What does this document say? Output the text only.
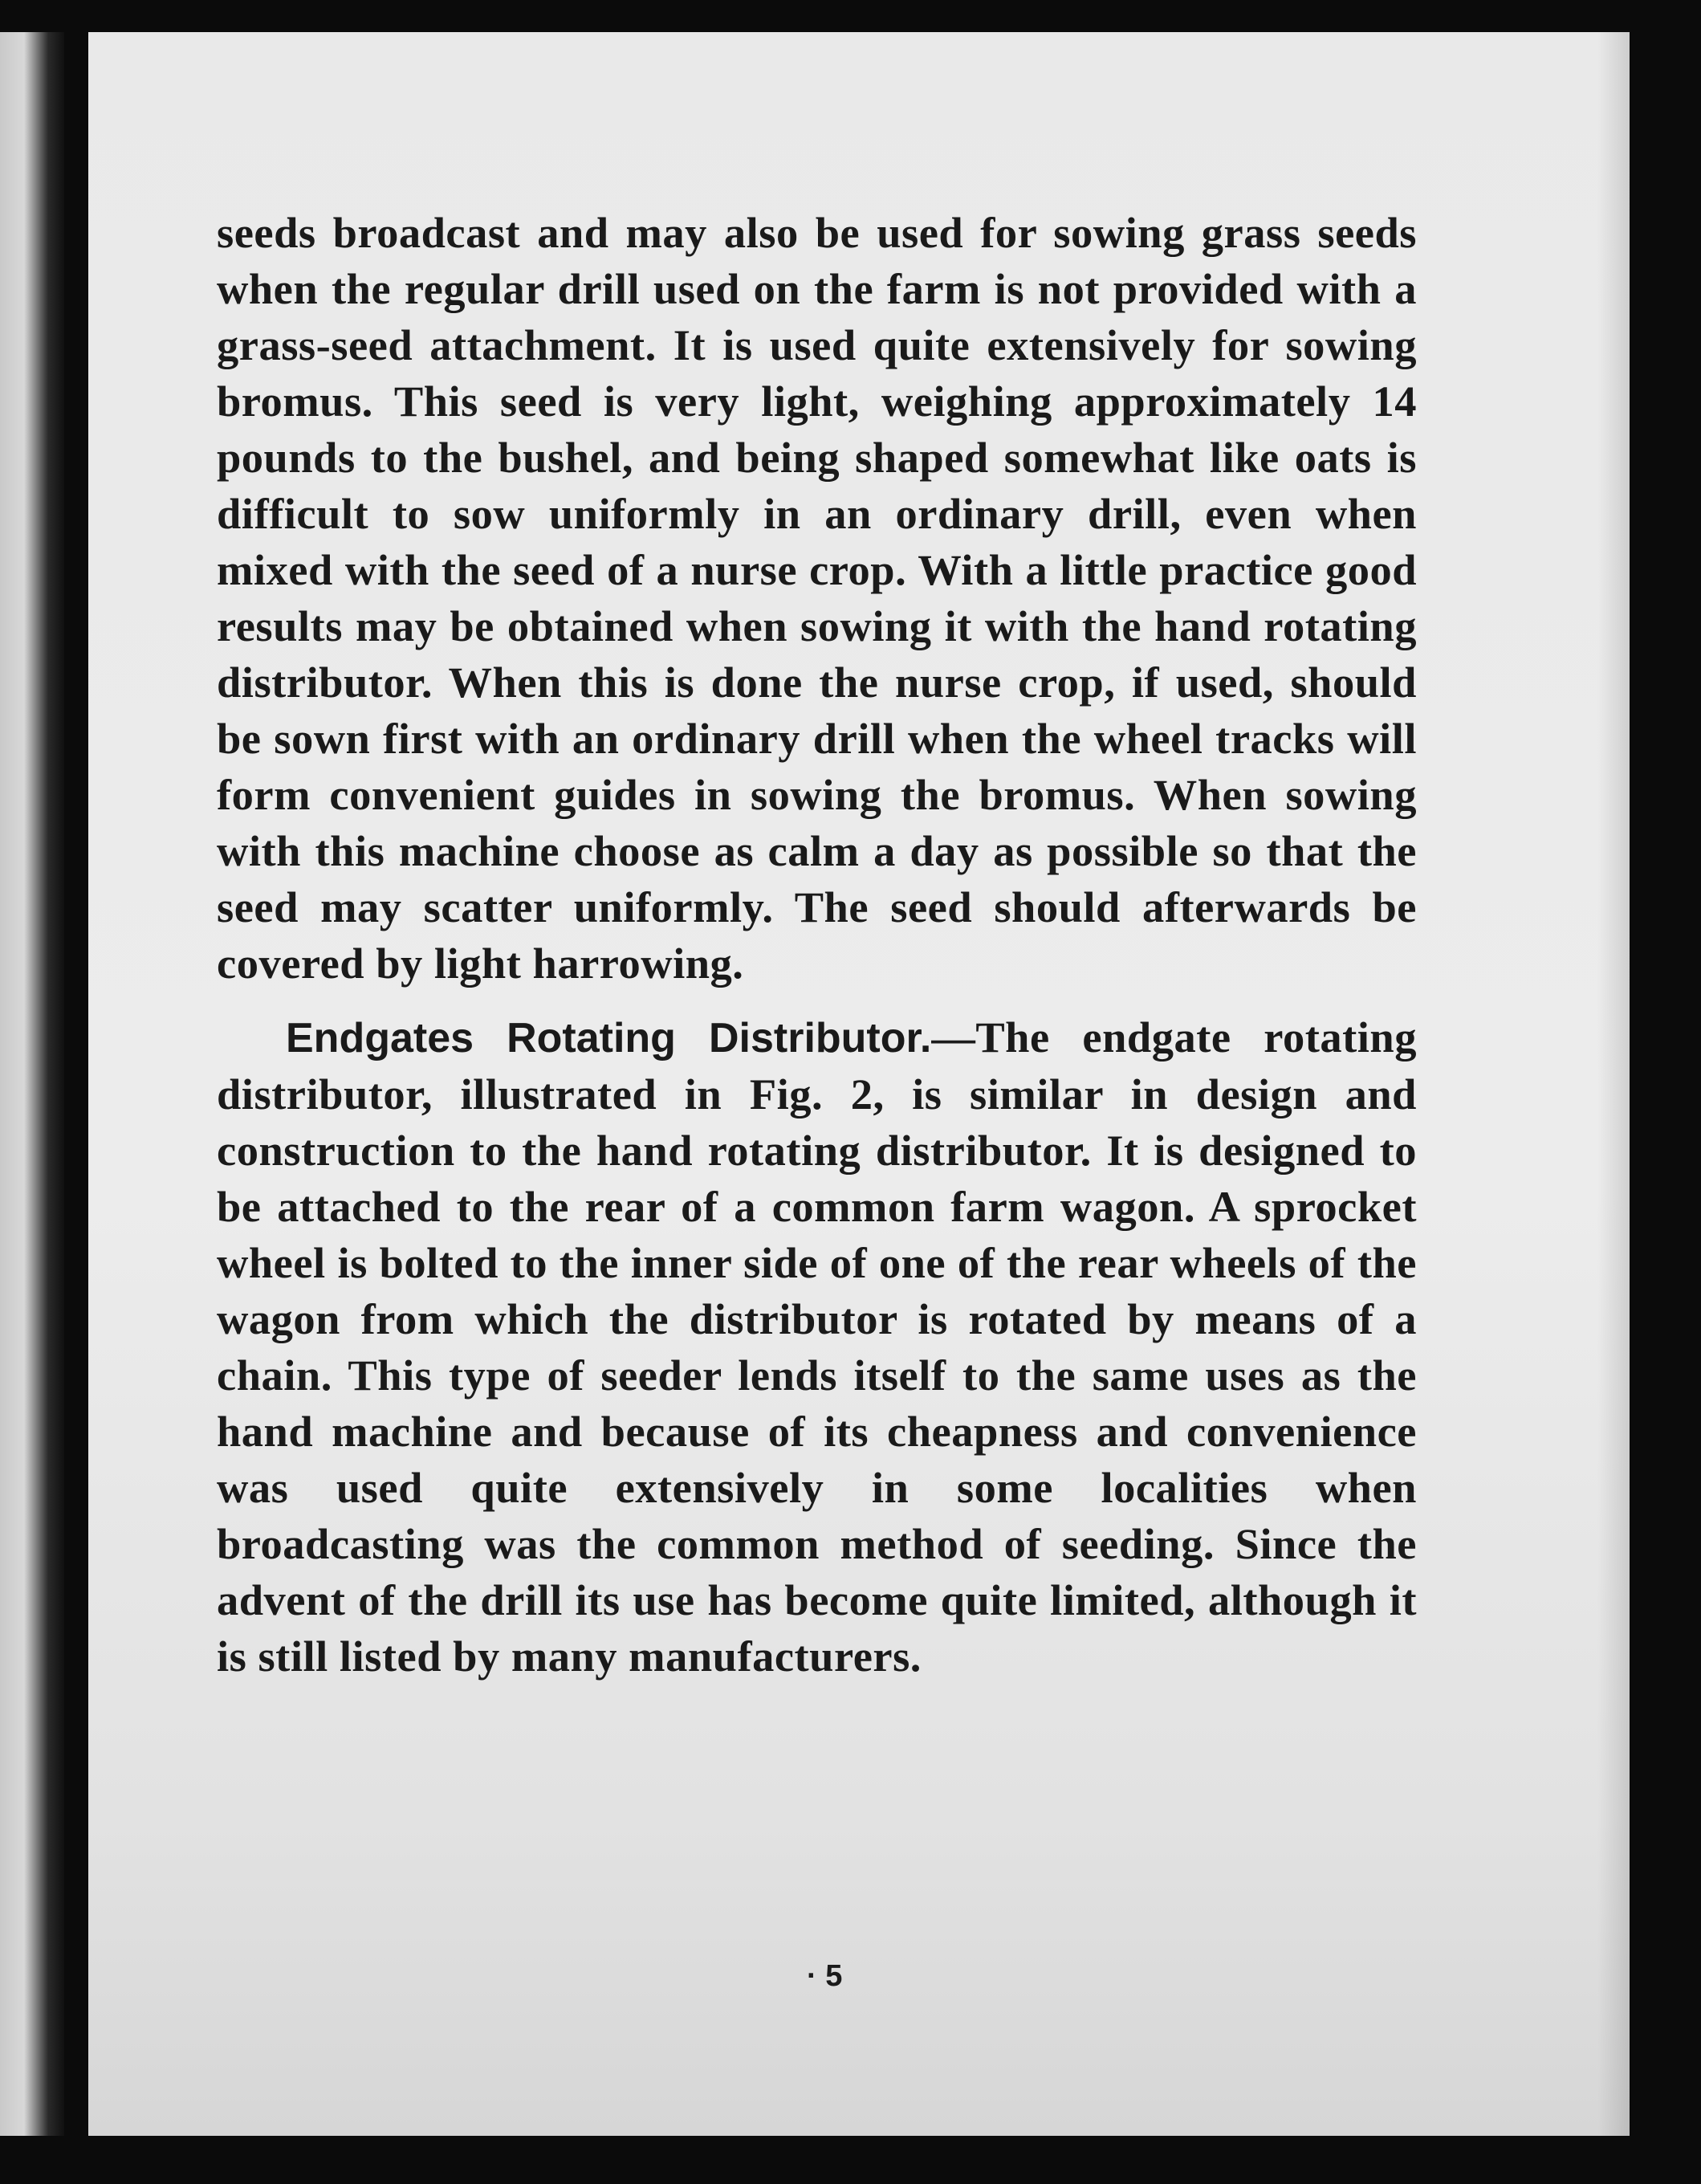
seeds broadcast and may also be used for sowing grass seeds when the regular drill used on the farm is not provided with a grass-seed attachment. It is used quite extensively for sowing bromus. This seed is very light, weighing approximately 14 pounds to the bushel, and being shaped somewhat like oats is difficult to sow uniformly in an ordinary drill, even when mixed with the seed of a nurse crop. With a little practice good results may be obtained when sowing it with the hand rotating distributor. When this is done the nurse crop, if used, should be sown first with an ordinary drill when the wheel tracks will form convenient guides in sowing the bromus. When sowing with this machine choose as calm a day as possible so that the seed may scatter uniformly. The seed should afterwards be covered by light harrowing.

Endgates Rotating Distributor.—The endgate rotating distributor, illustrated in Fig. 2, is similar in design and construction to the hand rotating distributor. It is designed to be attached to the rear of a common farm wagon. A sprocket wheel is bolted to the inner side of one of the rear wheels of the wagon from which the distributor is rotated by means of a chain. This type of seeder lends itself to the same uses as the hand machine and because of its cheapness and convenience was used quite extensively in some localities when broadcasting was the common method of seeding. Since the advent of the drill its use has become quite limited, although it is still listed by many manufacturers.

· 5
